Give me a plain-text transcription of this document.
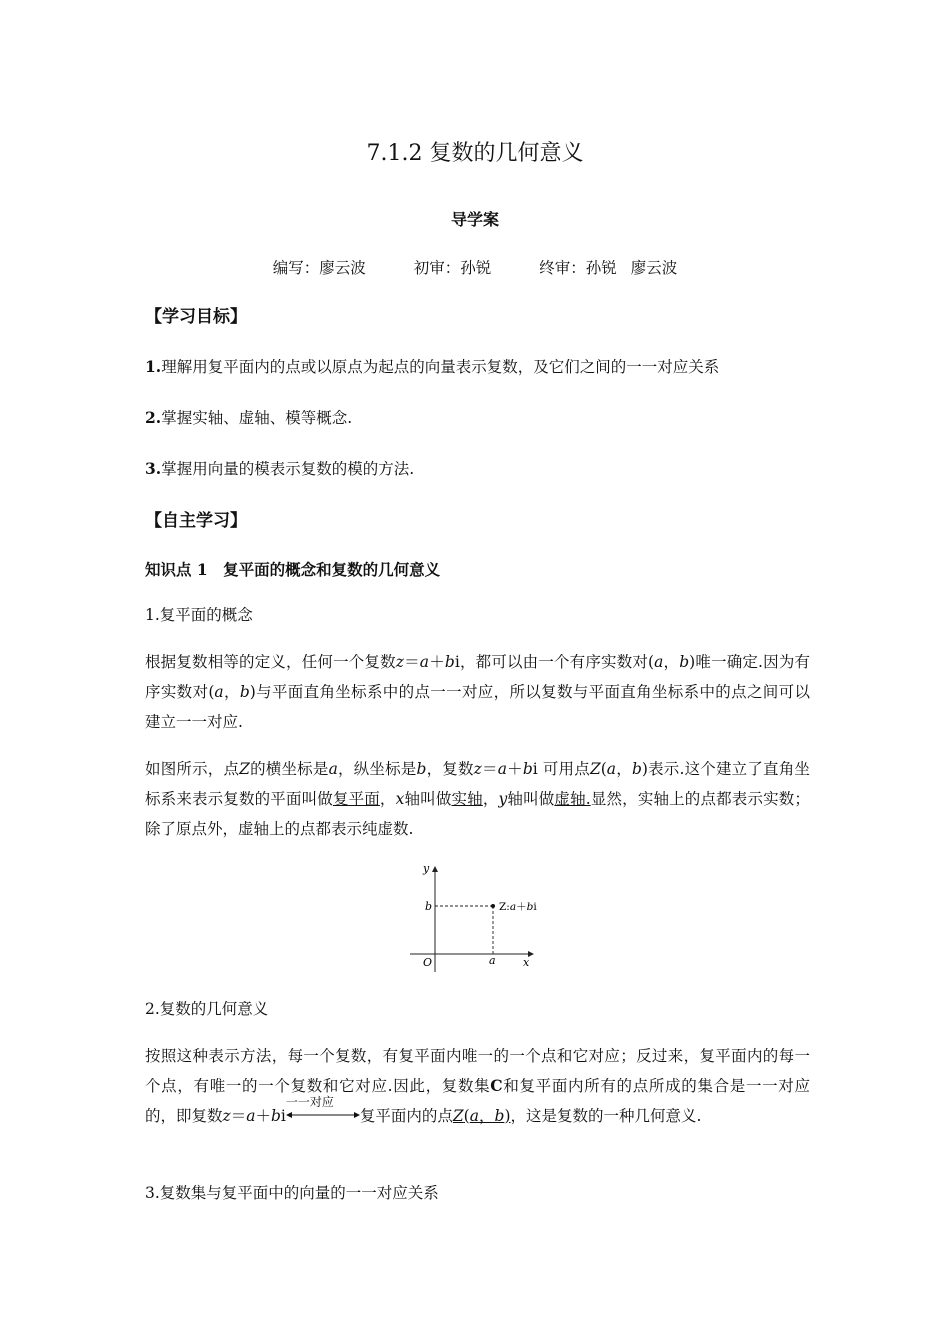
7.1.2 复数的几何意义
导学案
编写：廖云波	初审：孙锐	终审：孙锐 廖云波
【学习目标】
1.理解用复平面内的点或以原点为起点的向量表示复数，及它们之间的一一对应关系
2.掌握实轴、虚轴、模等概念.
3.掌握用向量的模表示复数的模的方法.
【自主学习】
知识点 1　复平面的概念和复数的几何意义
1.复平面的概念
根据复数相等的定义，任何一个复数z＝a＋bi，都可以由一个有序实数对(a，b)唯一确定.因为有序实数对(a，b)与平面直角坐标系中的点一一对应，所以复数与平面直角坐标系中的点之间可以建立一一对应.
如图所示，点Z的横坐标是a，纵坐标是b，复数z＝a＋bi 可用点Z(a，b)表示.这个建立了直角坐标系来表示复数的平面叫做复平面，x轴叫做实轴，y轴叫做虚轴.显然，实轴上的点都表示实数；除了原点外，虚轴上的点都表示纯虚数.
y
x
O
b
a
Z:a＋bi
2.复数的几何意义
按照这种表示方法，每一个复数，有复平面内唯一的一个点和它对应；反过来，复平面内的每一个点，有唯一的一个复数和它对应.因此，复数集C和复平面内所有的点所成的集合是一一对应的，即复数z＝a＋bi
一一对应
复平面内的点Z(a，b)，这是复数的一种几何意义.
3.复数集与复平面中的向量的一一对应关系
